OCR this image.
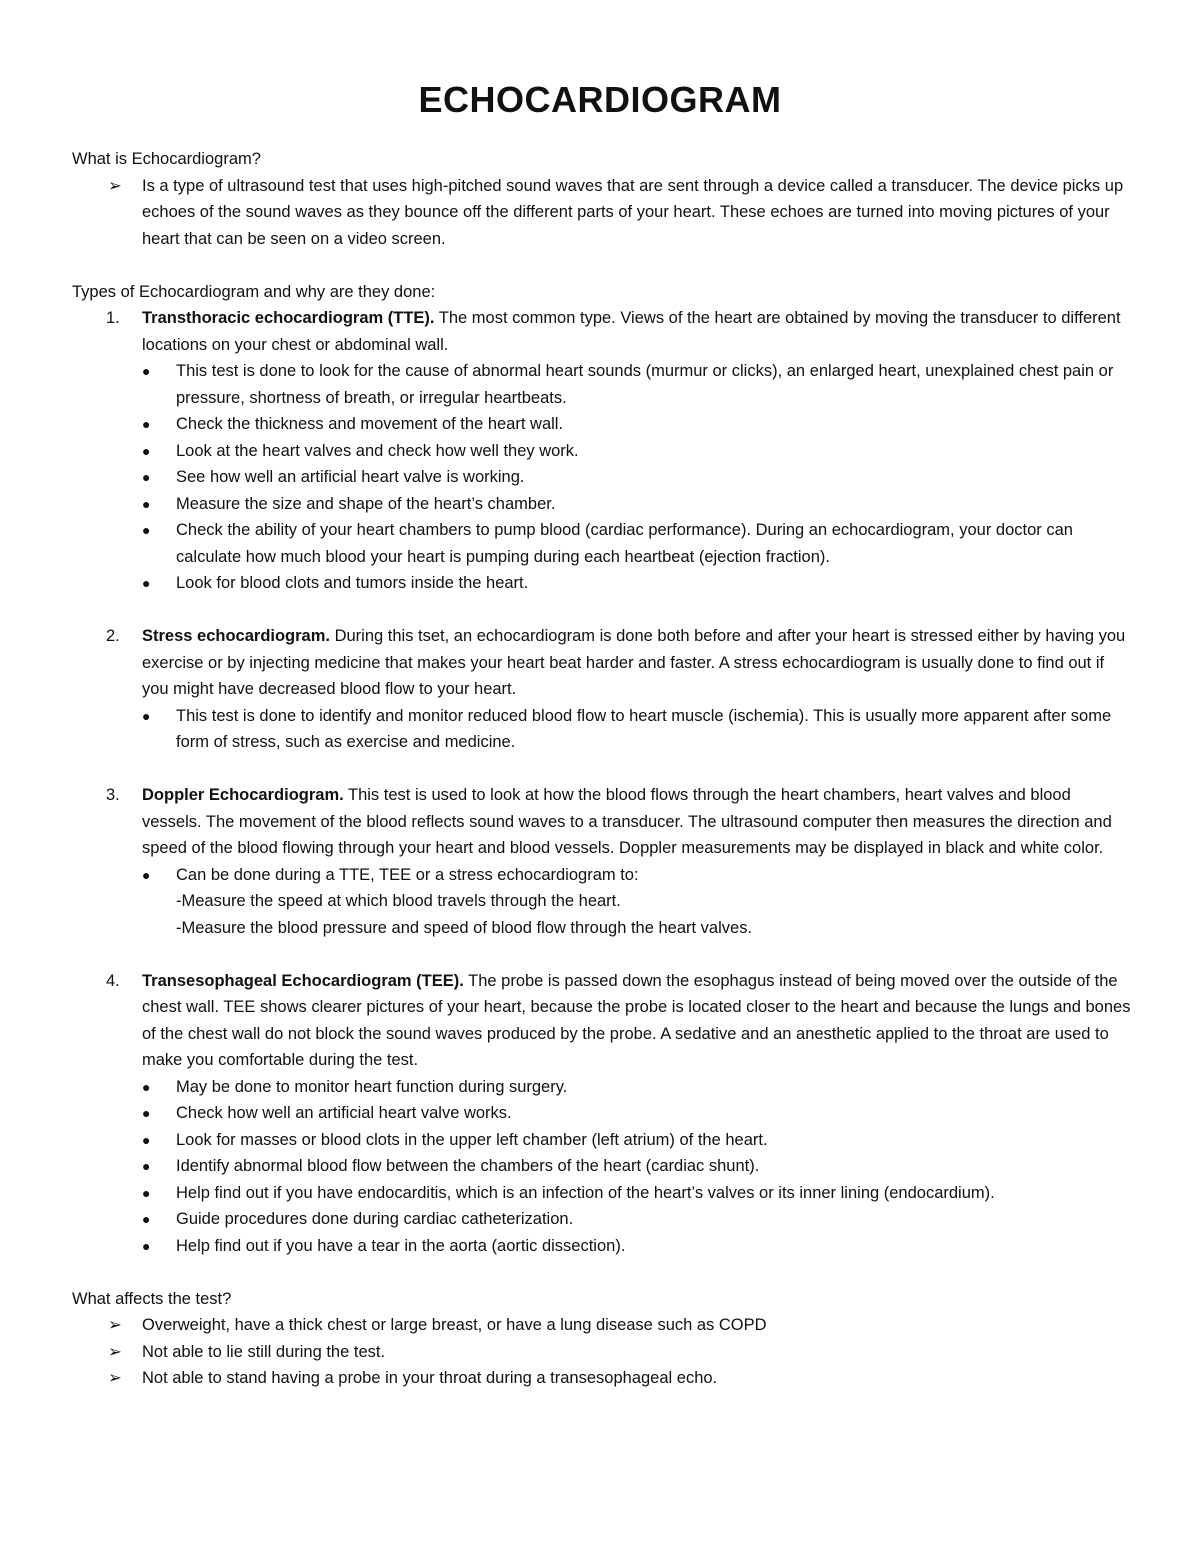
ECHOCARDIOGRAM

What is Echocardiogram?

➢ Is a type of ultrasound test that uses high-pitched sound waves that are sent through a device called a transducer. The device picks up echoes of the sound waves as they bounce off the different parts of your heart. These echoes are turned into moving pictures of your heart that can be seen on a video screen.

Types of Echocardiogram and why are they done:

1. Transthoracic echocardiogram (TTE). The most common type. Views of the heart are obtained by moving the transducer to different locations on your chest or abdominal wall.
● This test is done to look for the cause of abnormal heart sounds (murmur or clicks), an enlarged heart, unexplained chest pain or pressure, shortness of breath, or irregular heartbeats.
● Check the thickness and movement of the heart wall.
● Look at the heart valves and check how well they work.
● See how well an artificial heart valve is working.
● Measure the size and shape of the heart’s chamber.
● Check the ability of your heart chambers to pump blood (cardiac performance). During an echocardiogram, your doctor can calculate how much blood your heart is pumping during each heartbeat (ejection fraction).
● Look for blood clots and tumors inside the heart.
2. Stress echocardiogram. During this tset, an echocardiogram is done both before and after your heart is stressed either by having you exercise or by injecting medicine that makes your heart beat harder and faster. A stress echocardiogram is usually done to find out if you might have decreased blood flow to your heart.
● This test is done to identify and monitor reduced blood flow to heart muscle (ischemia). This is usually more apparent after some form of stress, such as exercise and medicine.
3. Doppler Echocardiogram. This test is used to look at how the blood flows through the heart chambers, heart valves and blood vessels. The movement of the blood reflects sound waves to a transducer. The ultrasound computer then measures the direction and speed of the blood flowing through your heart and blood vessels. Doppler measurements may be displayed in black and white color.
● Can be done during a TTE, TEE or a stress echocardiogram to:
-Measure the speed at which blood travels through the heart.
-Measure the blood pressure and speed of blood flow through the heart valves.
4. Transesophageal Echocardiogram (TEE). The probe is passed down the esophagus instead of being moved over the outside of the chest wall. TEE shows clearer pictures of your heart, because the probe is located closer to the heart and because the lungs and bones of the chest wall do not block the sound waves produced by the probe. A sedative and an anesthetic applied to the throat are used to make you comfortable during the test.
● May be done to monitor heart function during surgery.
● Check how well an artificial heart valve works.
● Look for masses or blood clots in the upper left chamber (left atrium) of the heart.
● Identify abnormal blood flow between the chambers of the heart (cardiac shunt).
● Help find out if you have endocarditis, which is an infection of the heart’s valves or its inner lining (endocardium).
● Guide procedures done during cardiac catheterization.
● Help find out if you have a tear in the aorta (aortic dissection).

What affects the test?

➢ Overweight, have a thick chest or large breast, or have a lung disease such as COPD
➢ Not able to lie still during the test.
➢ Not able to stand having a probe in your throat during a transesophageal echo.
